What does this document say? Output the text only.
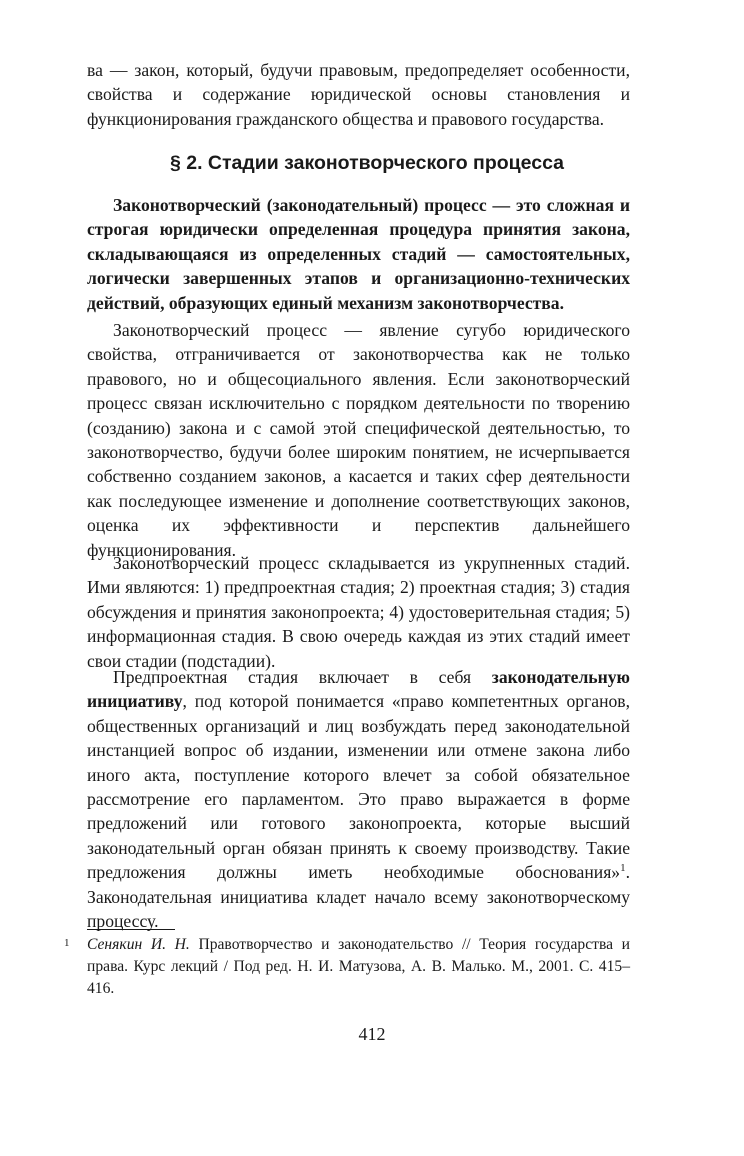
ва — закон, который, будучи правовым, предопределяет особенности, свойства и содержание юридической основы становления и функционирования гражданского общества и правового государства.

§ 2. Стадии законотворческого процесса

Законотворческий (законодательный) процесс — это сложная и строгая юридически определенная процедура принятия закона, складывающаяся из определенных стадий — самостоятельных, логически завершенных этапов и организационно-технических действий, образующих единый механизм законотворчества.

Законотворческий процесс — явление сугубо юридического свойства, отграничивается от законотворчества как не только правового, но и общесоциального явления. Если законотворческий процесс связан исключительно с порядком деятельности по творению (созданию) закона и с самой этой специфической деятельностью, то законотворчество, будучи более широким понятием, не исчерпывается собственно созданием законов, а касается и таких сфер деятельности как последующее изменение и дополнение соответствующих законов, оценка их эффективности и перспектив дальнейшего функционирования.

Законотворческий процесс складывается из укрупненных стадий. Ими являются: 1) предпроектная стадия; 2) проектная стадия; 3) стадия обсуждения и принятия законопроекта; 4) удостоверительная стадия; 5) информационная стадия. В свою очередь каждая из этих стадий имеет свои стадии (подстадии).

Предпроектная стадия включает в себя законодательную инициативу, под которой понимается «право компетентных органов, общественных организаций и лиц возбуждать перед законодательной инстанцией вопрос об издании, изменении или отмене закона либо иного акта, поступление которого влечет за собой обязательное рассмотрение его парламентом. Это право выражается в форме предложений или готового законопроекта, которые высший законодательный орган обязан принять к своему производству. Такие предложения должны иметь необходимые обоснования»$^1$. Законодательная инициатива кладет начало всему законотворческому процессу.

1 Сенякин И. Н. Правотворчество и законодательство // Теория государства и права. Курс лекций / Под ред. Н. И. Матузова, А. В. Малько. М., 2001. С. 415–416.
412
